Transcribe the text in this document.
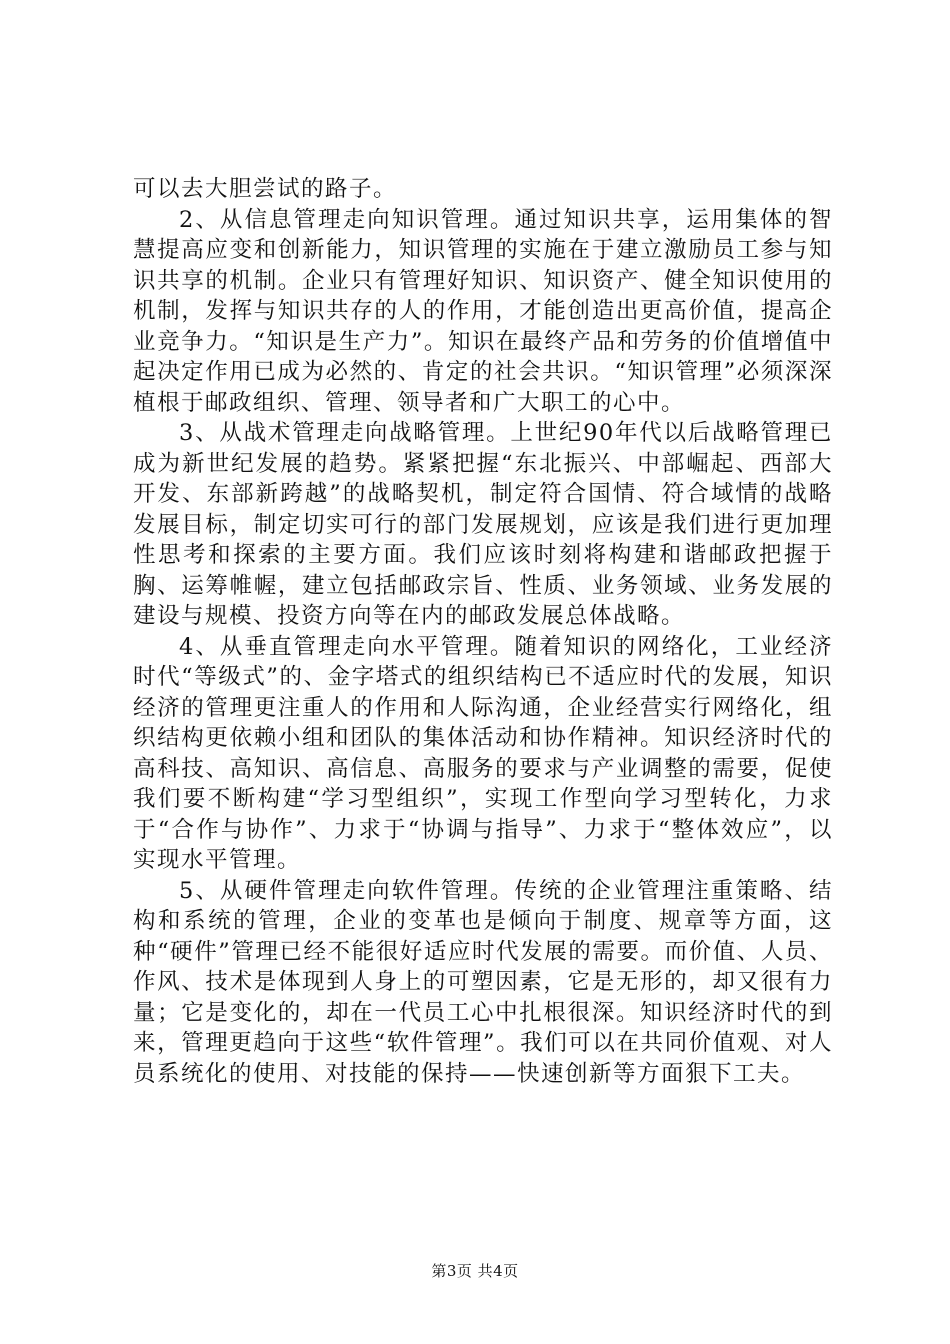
可以去大胆尝试的路子。

2、从信息管理走向知识管理。通过知识共享，运用集体的智慧提高应变和创新能力，知识管理的实施在于建立激励员工参与知识共享的机制。企业只有管理好知识、知识资产、健全知识使用的机制，发挥与知识共存的人的作用，才能创造出更高价值，提高企业竞争力。“知识是生产力”。知识在最终产品和劳务的价值增值中起决定作用已成为必然的、肯定的社会共识。“知识管理”必须深深植根于邮政组织、管理、领导者和广大职工的心中。

3、从战术管理走向战略管理。上世纪90年代以后战略管理已成为新世纪发展的趋势。紧紧把握“东北振兴、中部崛起、西部大开发、东部新跨越”的战略契机，制定符合国情、符合域情的战略发展目标，制定切实可行的部门发展规划，应该是我们进行更加理性思考和探索的主要方面。我们应该时刻将构建和谐邮政把握于胸、运筹帷幄，建立包括邮政宗旨、性质、业务领域、业务发展的建设与规模、投资方向等在内的邮政发展总体战略。

4、从垂直管理走向水平管理。随着知识的网络化，工业经济时代“等级式”的、金字塔式的组织结构已不适应时代的发展，知识经济的管理更注重人的作用和人际沟通，企业经营实行网络化，组织结构更依赖小组和团队的集体活动和协作精神。知识经济时代的高科技、高知识、高信息、高服务的要求与产业调整的需要，促使我们要不断构建“学习型组织”，实现工作型向学习型转化，力求于“合作与协作”、力求于“协调与指导”、力求于“整体效应”，以实现水平管理。

5、从硬件管理走向软件管理。传统的企业管理注重策略、结构和系统的管理，企业的变革也是倾向于制度、规章等方面，这种“硬件”管理已经不能很好适应时代发展的需要。而价值、人员、作风、技术是体现到人身上的可塑因素，它是无形的，却又很有力量；它是变化的，却在一代员工心中扎根很深。知识经济时代的到来，管理更趋向于这些“软件管理”。我们可以在共同价值观、对人员系统化的使用、对技能的保持——快速创新等方面狠下工夫。

第3页 共4页
